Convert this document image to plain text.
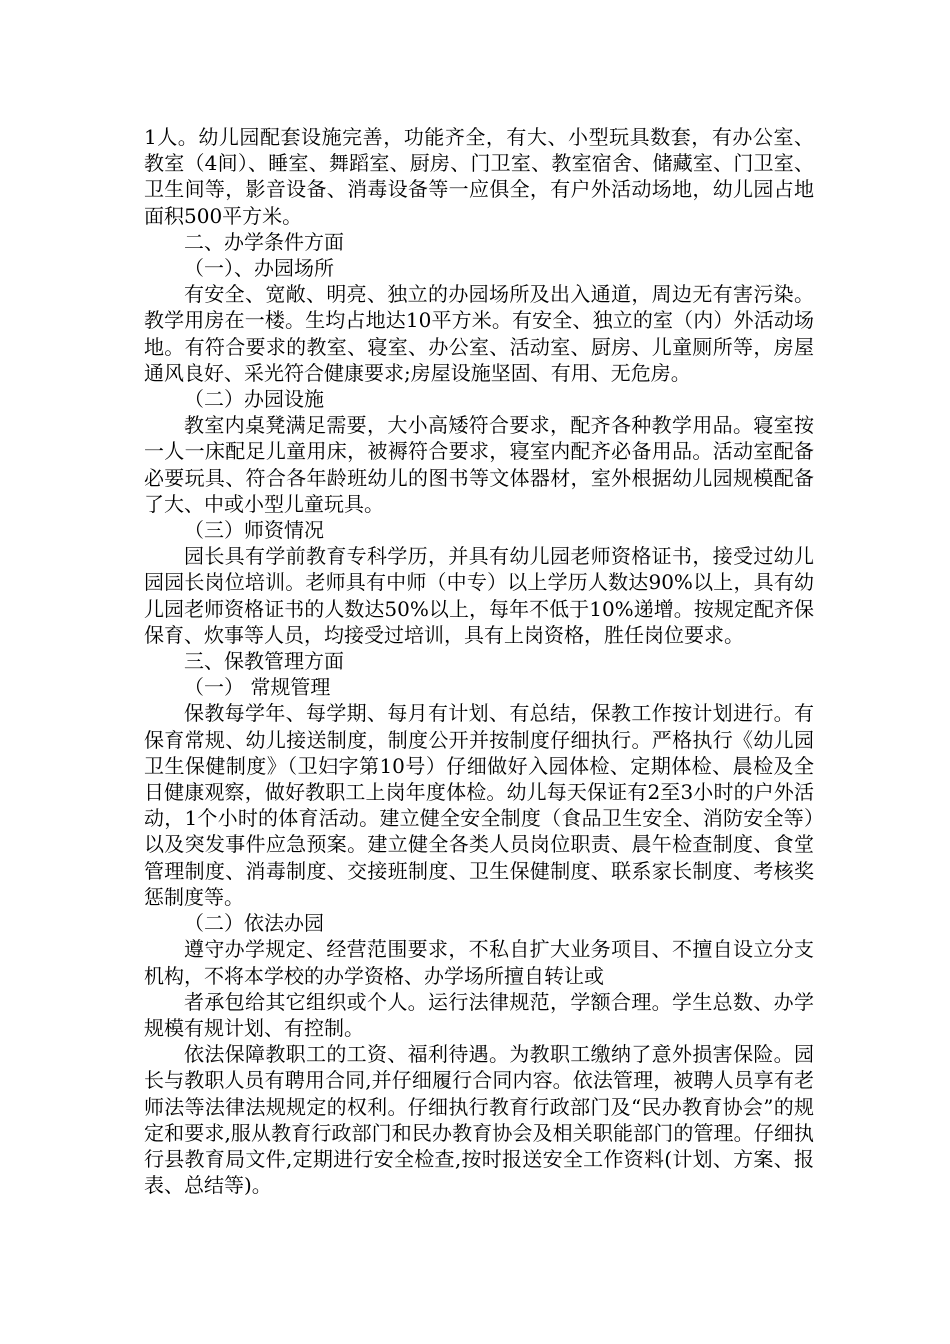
1人。幼儿园配套设施完善，功能齐全，有大、小型玩具数套，有办公室、教室（4间）、睡室、舞蹈室、厨房、门卫室、教室宿舍、储藏室、门卫室、卫生间等，影音设备、消毒设备等一应俱全，有户外活动场地，幼儿园占地面积500平方米。

二、办学条件方面

（一）、办园场所

有安全、宽敞、明亮、独立的办园场所及出入通道，周边无有害污染。教学用房在一楼。生均占地达10平方米。有安全、独立的室（内）外活动场地。有符合要求的教室、寝室、办公室、活动室、厨房、儿童厕所等，房屋通风良好、采光符合健康要求;房屋设施坚固、有用、无危房。

（二）办园设施

教室内桌凳满足需要，大小高矮符合要求，配齐各种教学用品。寝室按一人一床配足儿童用床，被褥符合要求，寝室内配齐必备用品。活动室配备必要玩具、符合各年龄班幼儿的图书等文体器材，室外根据幼儿园规模配备了大、中或小型儿童玩具。

（三）师资情况

园长具有学前教育专科学历，并具有幼儿园老师资格证书，接受过幼儿园园长岗位培训。老师具有中师（中专）以上学历人数达90%以上，具有幼儿园老师资格证书的人数达50%以上，每年不低于10%递增。按规定配齐保保育、炊事等人员，均接受过培训，具有上岗资格，胜任岗位要求。

三、保教管理方面

（一） 常规管理

保教每学年、每学期、每月有计划、有总结，保教工作按计划进行。有保育常规、幼儿接送制度，制度公开并按制度仔细执行。严格执行《幼儿园卫生保健制度》（卫妇字第10号）仔细做好入园体检、定期体检、晨检及全日健康观察，做好教职工上岗年度体检。幼儿每天保证有2至3小时的户外活动，1个小时的体育活动。建立健全安全制度（食品卫生安全、消防安全等）以及突发事件应急预案。建立健全各类人员岗位职责、晨午检查制度、食堂管理制度、消毒制度、交接班制度、卫生保健制度、联系家长制度、考核奖惩制度等。

（二）依法办园

遵守办学规定、经营范围要求，不私自扩大业务项目、不擅自设立分支机构，不将本学校的办学资格、办学场所擅自转让或

者承包给其它组织或个人。运行法律规范，学额合理。学生总数、办学规模有规计划、有控制。

依法保障教职工的工资、福利待遇。为教职工缴纳了意外损害保险。园长与教职人员有聘用合同,并仔细履行合同内容。依法管理，被聘人员享有老师法等法律法规规定的权利。仔细执行教育行政部门及“民办教育协会”的规定和要求,服从教育行政部门和民办教育协会及相关职能部门的管理。仔细执行县教育局文件,定期进行安全检查,按时报送安全工作资料(计划、方案、报表、总结等)。
